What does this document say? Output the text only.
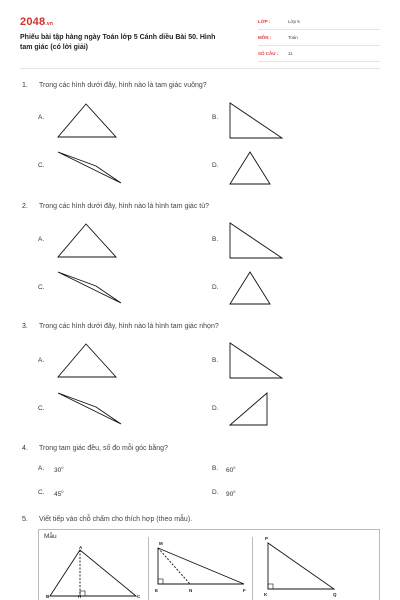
2048.vn
Phiếu bài tập hàng ngày Toán lớp 5 Cánh diều Bài 50. Hình tam giác (có lời giải)
LỚP :	Lớp 5
MÔN :	Toán
SỐ CÂU : 11
1. Trong các hình dưới đây, hình nào là tam giác vuông?
A.	B.
C.	D.
2. Trong các hình dưới đây, hình nào là hình tam giác tù?
A.	B.
C.	D.
3. Trong các hình dưới đây, hình nào là hình tam giác nhọn?
A.	B.
C.	D.
4. Trong tam giác đều, số đo mỗi góc bằng?
A. $30^0$	B. $60^0$
C. $45^0$	D. $90^0$
5. Viết tiếp vào chỗ chấm cho thích hợp (theo mẫu).
Mẫu
A
B	H	C
M
E	N	F
P
K	Q
